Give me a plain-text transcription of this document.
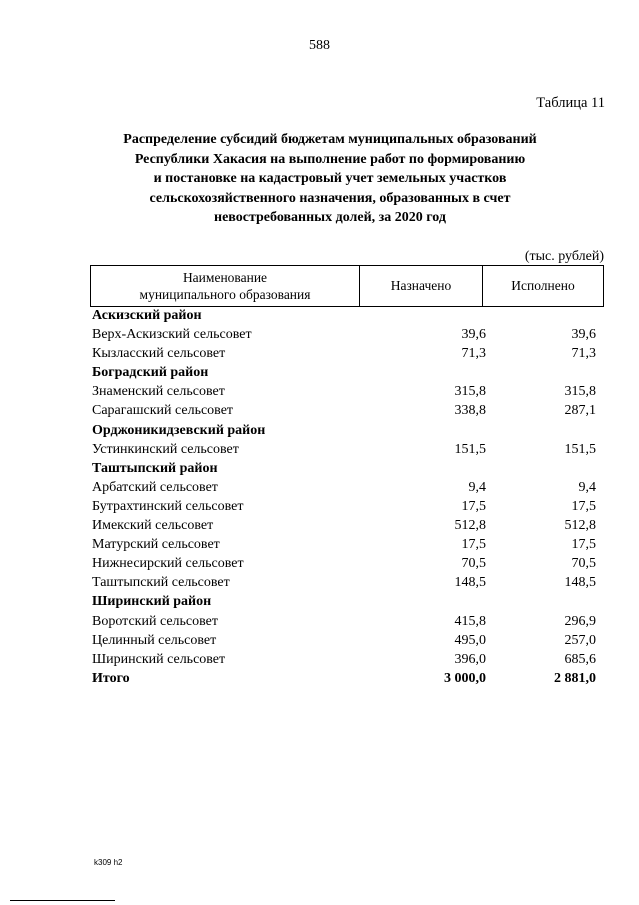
588
Таблица 11
Распределение субсидий бюджетам муниципальных образований
Республики Хакасия на выполнение работ по формированию
и постановке на кадастровый учет земельных участков
сельскохозяйственного назначения, образованных в счет
невостребованных долей, за 2020 год
(тыс. рублей)
Наименование
муниципального образования
Назначено	Исполнено
Аскизский район
Верх-Аскизский сельсовет	39,6	39,6
Кызласский сельсовет	71,3	71,3
Боградский район
Знаменский сельсовет	315,8	315,8
Сарагашский сельсовет	338,8	287,1
Орджоникидзевский район
Устинкинский сельсовет	151,5	151,5
Таштыпский район
Арбатский сельсовет	9,4	9,4
Бутрахтинский сельсовет	17,5	17,5
Имекский сельсовет	512,8	512,8
Матурский сельсовет	17,5	17,5
Нижнесирский сельсовет	70,5	70,5
Таштыпский сельсовет	148,5	148,5
Ширинский район
Воротский сельсовет	415,8	296,9
Целинный сельсовет	495,0	257,0
Ширинский сельсовет	396,0	685,6
Итого	3 000,0	2 881,0
k309 h2
